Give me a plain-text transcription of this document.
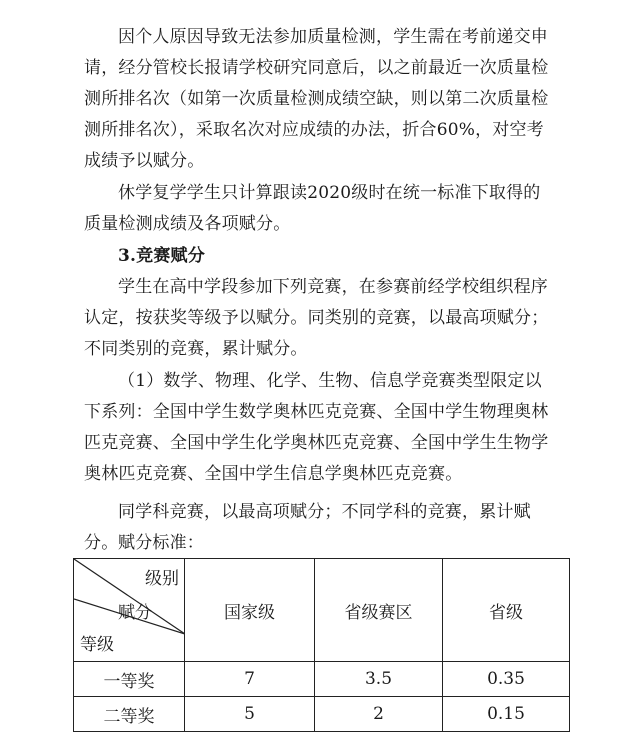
因个人原因导致无法参加质量检测，学生需在考前递交申请，经分管校长报请学校研究同意后，以之前最近一次质量检测所排名次（如第一次质量检测成绩空缺，则以第二次质量检测所排名次），采取名次对应成绩的办法，折合60%，对空考成绩予以赋分。

休学复学学生只计算跟读2020级时在统一标准下取得的质量检测成绩及各项赋分。

3.竞赛赋分

学生在高中学段参加下列竞赛，在参赛前经学校组织程序认定，按获奖等级予以赋分。同类别的竞赛，以最高项赋分；不同类别的竞赛，累计赋分。

（1）数学、物理、化学、生物、信息学竞赛类型限定以下系列：全国中学生数学奥林匹克竞赛、全国中学生物理奥林匹克竞赛、全国中学生化学奥林匹克竞赛、全国中学生生物学奥林匹克竞赛、全国中学生信息学奥林匹克竞赛。

同学科竞赛，以最高项赋分；不同学科的竞赛，累计赋分。 赋分标准：

级别
赋分
等级	国家级	省级赛区	省级
一等奖	7	3.5	0.35
二等奖	5	2	0.15
